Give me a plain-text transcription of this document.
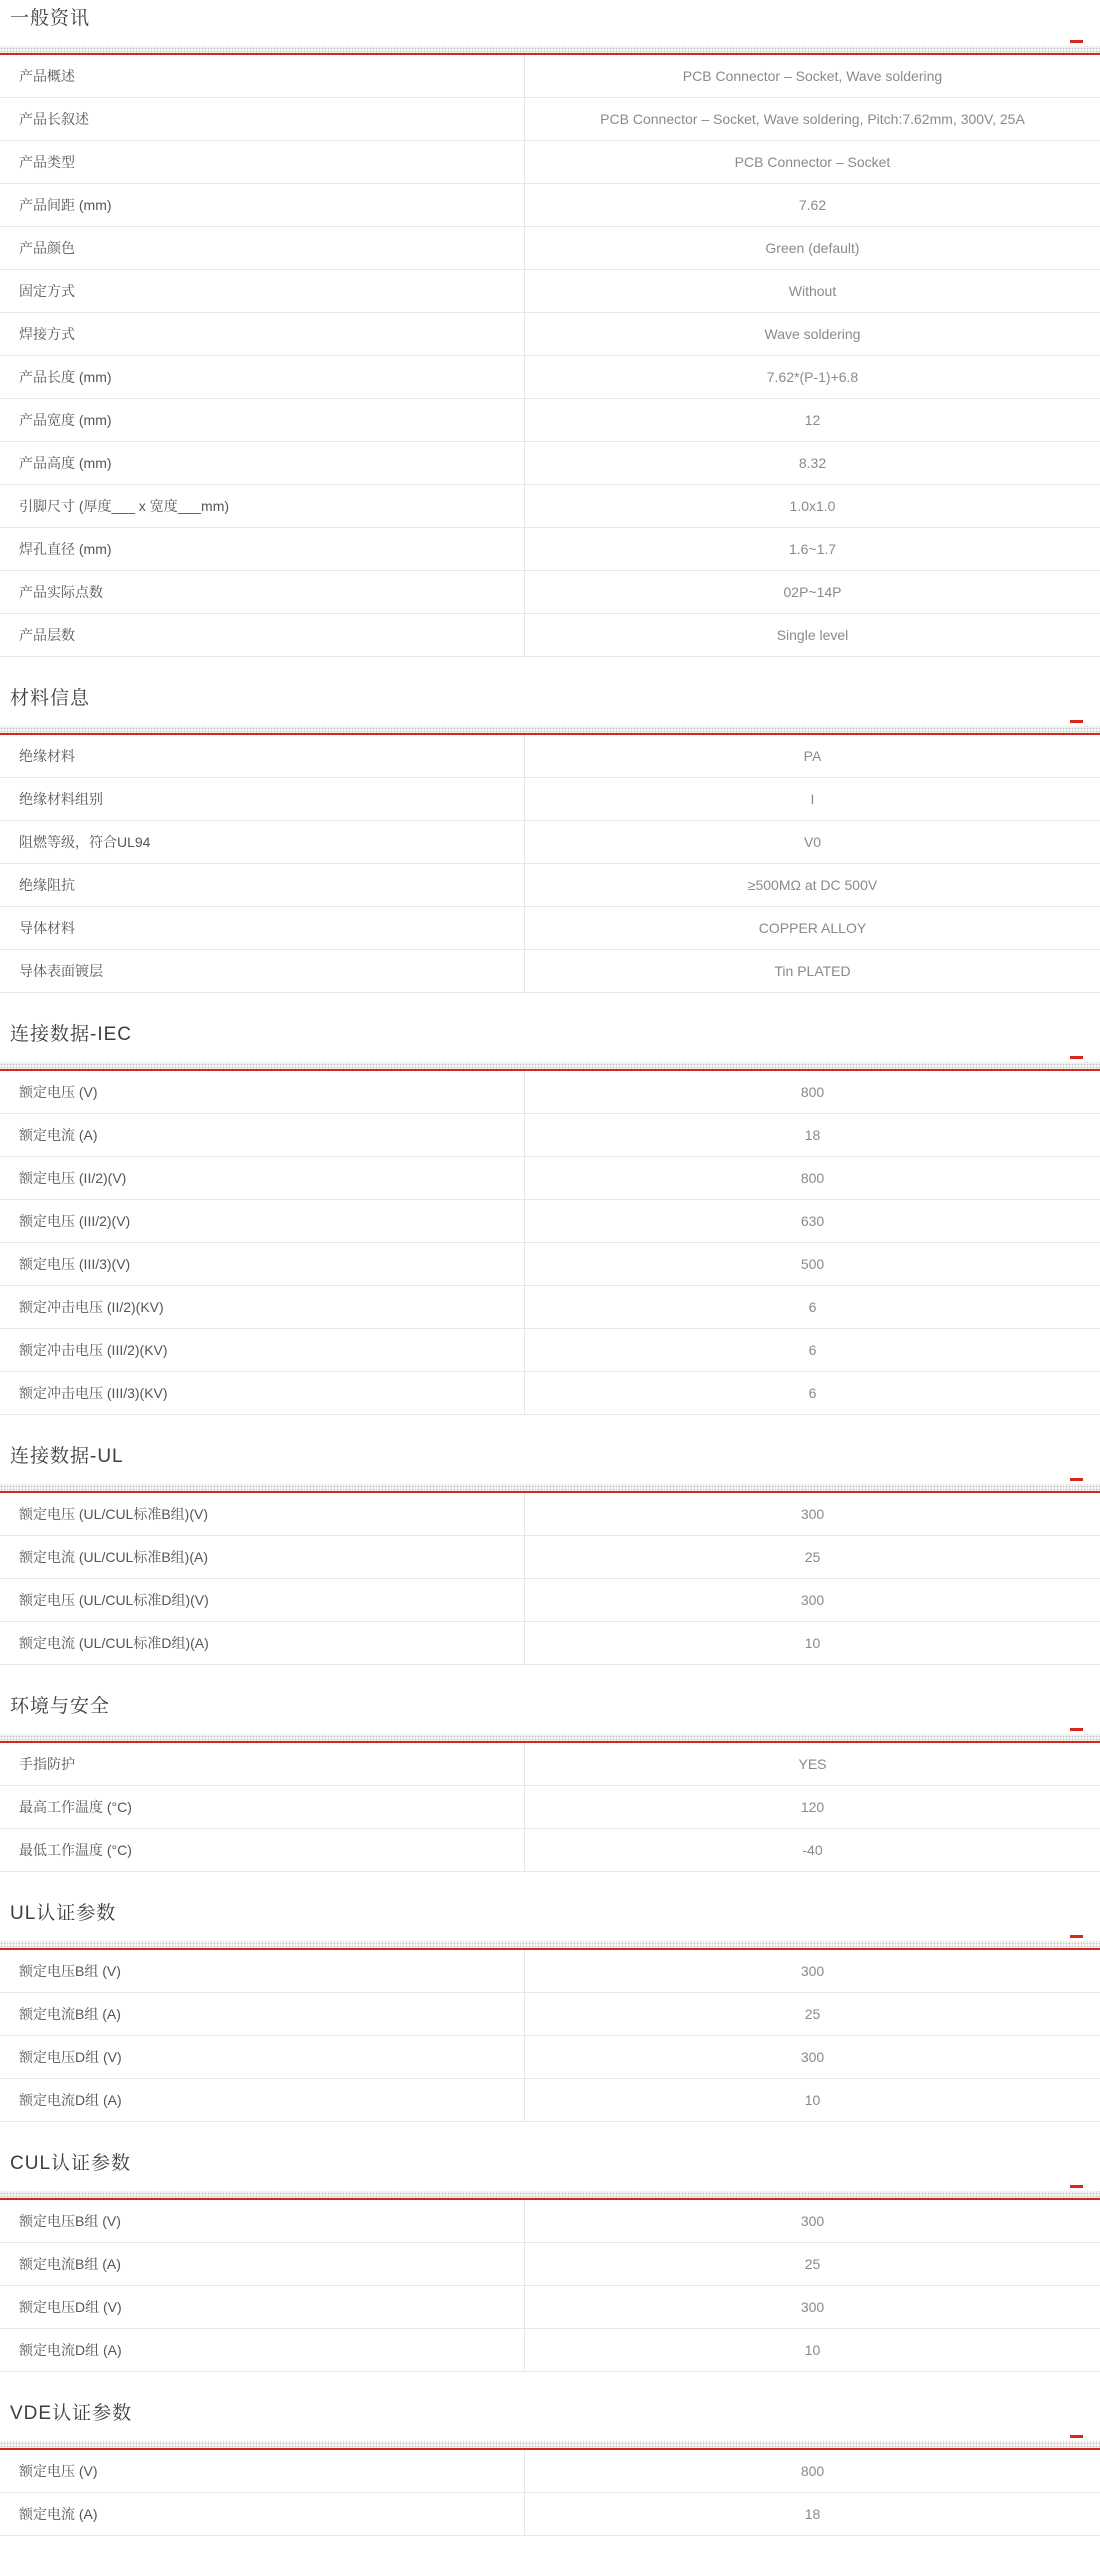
一般资讯
产品概述	PCB Connector – Socket, Wave soldering
产品长叙述	PCB Connector – Socket, Wave soldering, Pitch:7.62mm, 300V, 25A
产品类型	PCB Connector – Socket
产品间距 (mm)	7.62
产品颜色	Green (default)
固定方式	Without
焊接方式	Wave soldering
产品长度 (mm)	7.62*(P-1)+6.8
产品宽度 (mm)	12
产品高度 (mm)	8.32
引脚尺寸 (厚度___ x 宽度___mm)	1.0x1.0
焊孔直径 (mm)	1.6~1.7
产品实际点数	02P~14P
产品层数	Single level
材料信息
绝缘材料	PA
绝缘材料组别	I
阻燃等级，符合UL94	V0
绝缘阻抗	≥500MΩ at DC 500V
导体材料	COPPER ALLOY
导体表面镀层	Tin PLATED
连接数据-IEC
额定电压 (V)	800
额定电流 (A)	18
额定电压 (II/2)(V)	800
额定电压 (III/2)(V)	630
额定电压 (III/3)(V)	500
额定冲击电压 (II/2)(KV)	6
额定冲击电压 (III/2)(KV)	6
额定冲击电压 (III/3)(KV)	6
连接数据-UL
额定电压 (UL/CUL标准B组)(V)	300
额定电流 (UL/CUL标准B组)(A)	25
额定电压 (UL/CUL标准D组)(V)	300
额定电流 (UL/CUL标准D组)(A)	10
环境与安全
手指防护	YES
最高工作温度 (°C)	120
最低工作温度 (°C)	-40
UL认证参数
额定电压B组 (V)	300
额定电流B组 (A)	25
额定电压D组 (V)	300
额定电流D组 (A)	10
CUL认证参数
额定电压B组 (V)	300
额定电流B组 (A)	25
额定电压D组 (V)	300
额定电流D组 (A)	10
VDE认证参数
额定电压 (V)	800
额定电流 (A)	18
